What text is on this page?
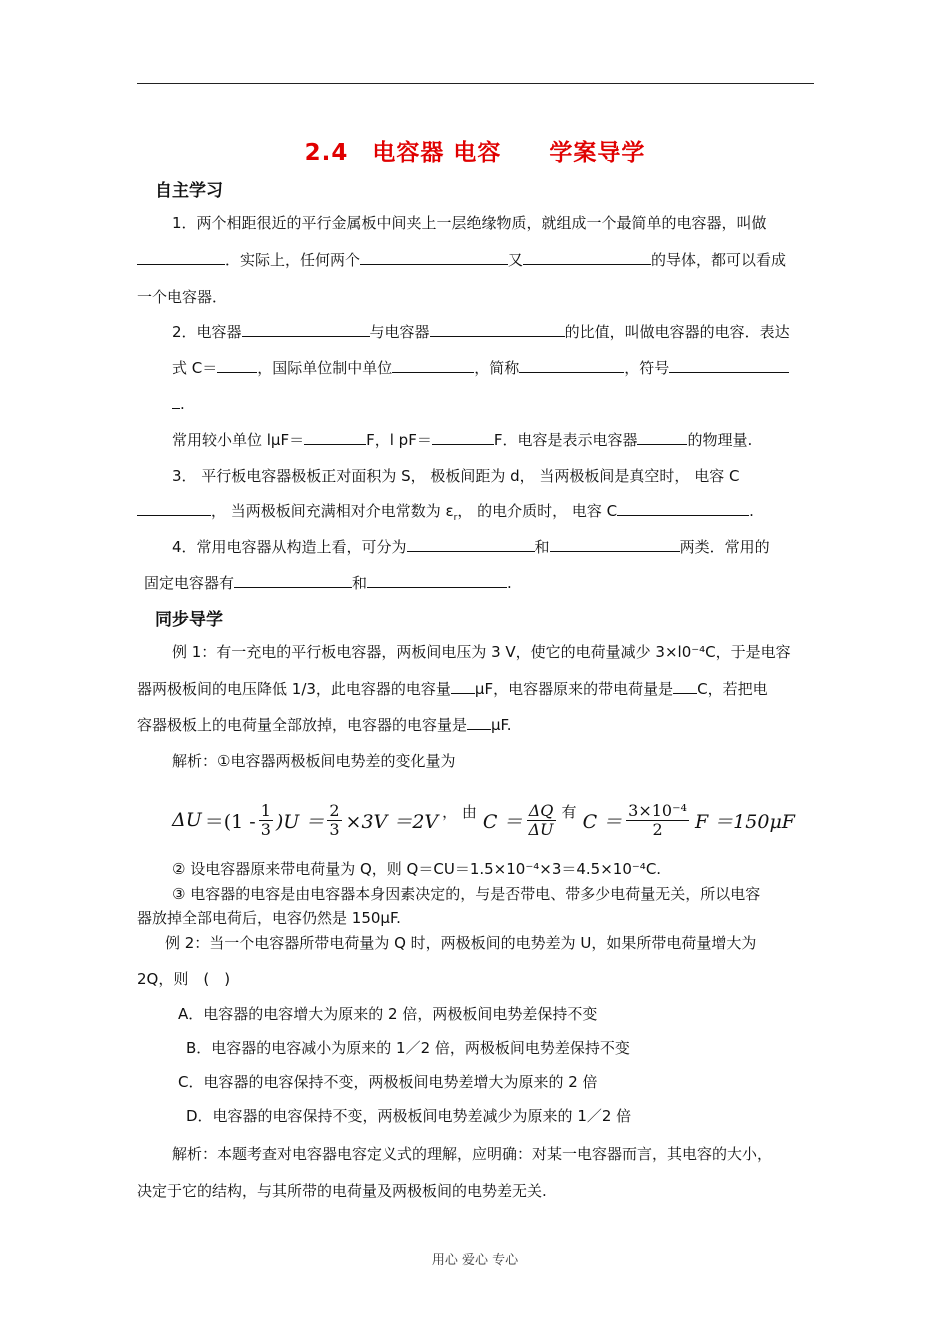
2.4　电容器 电容　　学案导学
自主学习
1．两个相距很近的平行金属板中间夹上一层绝缘物质，就组成一个最简单的电容器，叫做
．实际上，任何两个	又	的导体，都可以看成
一个电容器．
2．电容器	与电容器	的比值，叫做电容器的电容．表达
式 C＝	，国际单位制中单位	，简称	，符号
.
常用较小单位 lμF＝	F，l pF＝	F．电容是表示电容器	的物理量.
3． 平行板电容器极板正对面积为 S， 极板间距为 d， 当两极板间是真空时， 电容 C
， 当两极板间充满相对介电常数为 $\varepsilon_r$， 的电介质时， 电容 C	.
4．常用电容器从构造上看，可分为	和	两类．常用的
固定电容器有	和	.
同步导学
例 1：有一充电的平行板电容器，两板间电压为 3 V，使它的电荷量减少 3×l0⁻⁴C，于是电容
器两极板间的电压降低 1/3，此电容器的电容量 μF，电容器原来的带电荷量是 C，若把电
容器极板上的电荷量全部放掉，电容器的电容量是 μF.
解析：①电容器两极板间电势差的变化量为
$\Delta U =(1 - \frac{1}{3} )U = \frac{2}{3} \times 3V =2V$ ， 由 $C = \frac{\Delta Q}{\Delta U}$ 有 $C = \frac{\text{3×10⁻⁴}}{2}$ F ＝150μF
② 设电容器原来带电荷量为 Q，则 Q＝CU＝1.5×10⁻⁴×3＝4.5×10⁻⁴C.
③ 电容器的电容是由电容器本身因素决定的，与是否带电、带多少电荷量无关，所以电容
器放掉全部电荷后，电容仍然是 150μF.
例 2：当一个电容器所带电荷量为 Q 时，两极板间的电势差为 U，如果所带电荷量增大为
2Q，则　(　)
A．电容器的电容增大为原来的 2 倍，两极板间电势差保持不变
B．电容器的电容减小为原来的 1／2 倍，两极板间电势差保持不变
C．电容器的电容保持不变，两极板间电势差增大为原来的 2 倍
D．电容器的电容保持不变，两极板间电势差减少为原来的 1／2 倍
解析：本题考查对电容器电容定义式的理解，应明确：对某一电容器而言，其电容的大小，
决定于它的结构，与其所带的电荷量及两极板间的电势差无关.
用心 爱心 专心
